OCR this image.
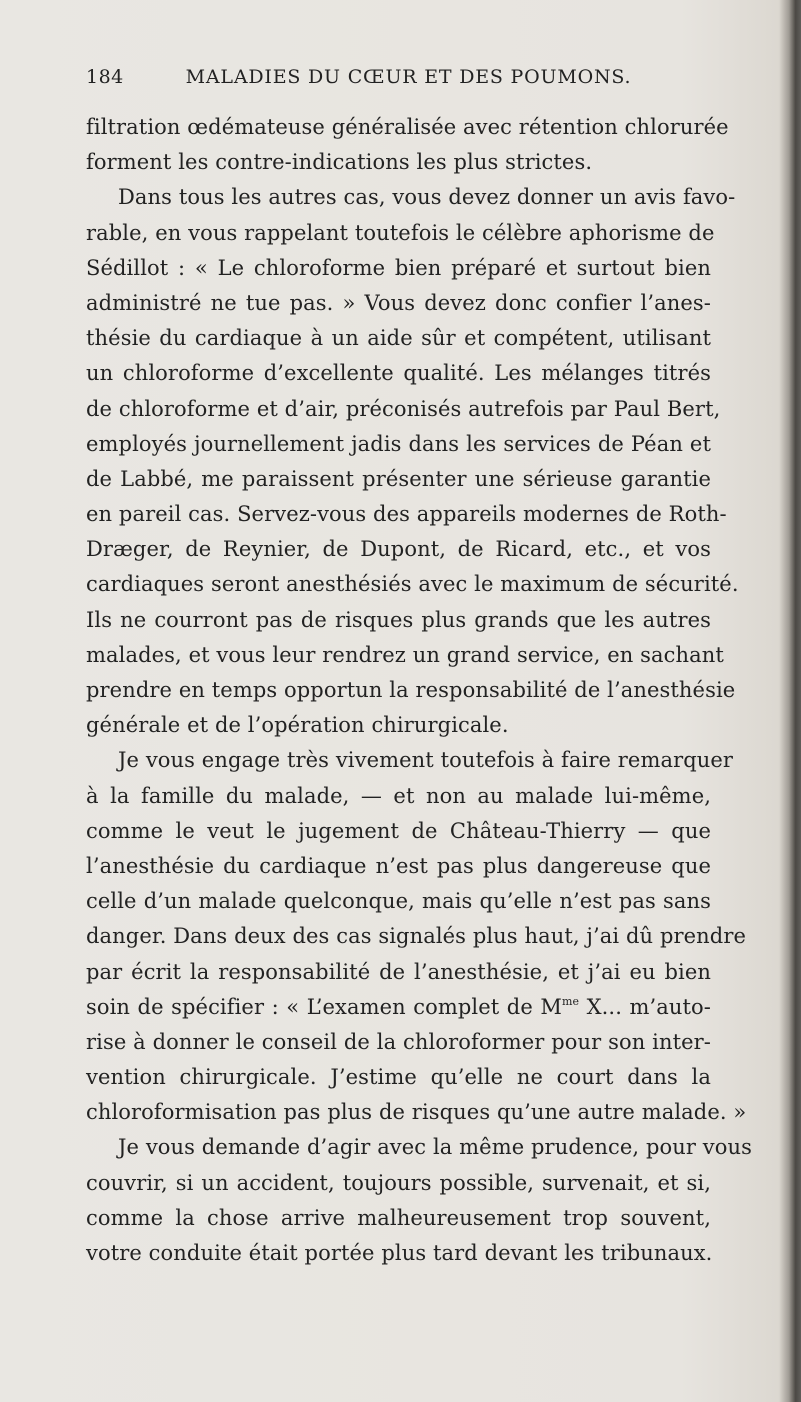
184	MALADIES DU CŒUR ET DES POUMONS.
filtration œdémateuse généralisée avec rétention chlorurée
forment les contre-indications les plus strictes.
Dans tous les autres cas, vous devez donner un avis favo-
rable, en vous rappelant toutefois le célèbre aphorisme de
Sédillot : « Le chloroforme bien préparé et surtout bien
administré ne tue pas. » Vous devez donc confier l’anes-
thésie du cardiaque à un aide sûr et compétent, utilisant
un chloroforme d’excellente qualité. Les mélanges titrés
de chloroforme et d’air, préconisés autrefois par Paul Bert,
employés journellement jadis dans les services de Péan et
de Labbé, me paraissent présenter une sérieuse garantie
en pareil cas. Servez-vous des appareils modernes de Roth-
Dræger, de Reynier, de Dupont, de Ricard, etc., et vos
cardiaques seront anesthésiés avec le maximum de sécurité.
Ils ne courront pas de risques plus grands que les autres
malades, et vous leur rendrez un grand service, en sachant
prendre en temps opportun la responsabilité de l’anesthésie
générale et de l’opération chirurgicale.
Je vous engage très vivement toutefois à faire remarquer
à la famille du malade, — et non au malade lui-même,
comme le veut le jugement de Château-Thierry — que
l’anesthésie du cardiaque n’est pas plus dangereuse que
celle d’un malade quelconque, mais qu’elle n’est pas sans
danger. Dans deux des cas signalés plus haut, j’ai dû prendre
par écrit la responsabilité de l’anesthésie, et j’ai eu bien
soin de spécifier : « L’examen complet de $M^{me}$ X... m’auto-
rise à donner le conseil de la chloroformer pour son inter-
vention chirurgicale. J’estime qu’elle ne court dans la
chloroformisation pas plus de risques qu’une autre malade. »
Je vous demande d’agir avec la même prudence, pour vous
couvrir, si un accident, toujours possible, survenait, et si,
comme la chose arrive malheureusement trop souvent,
votre conduite était portée plus tard devant les tribunaux.
